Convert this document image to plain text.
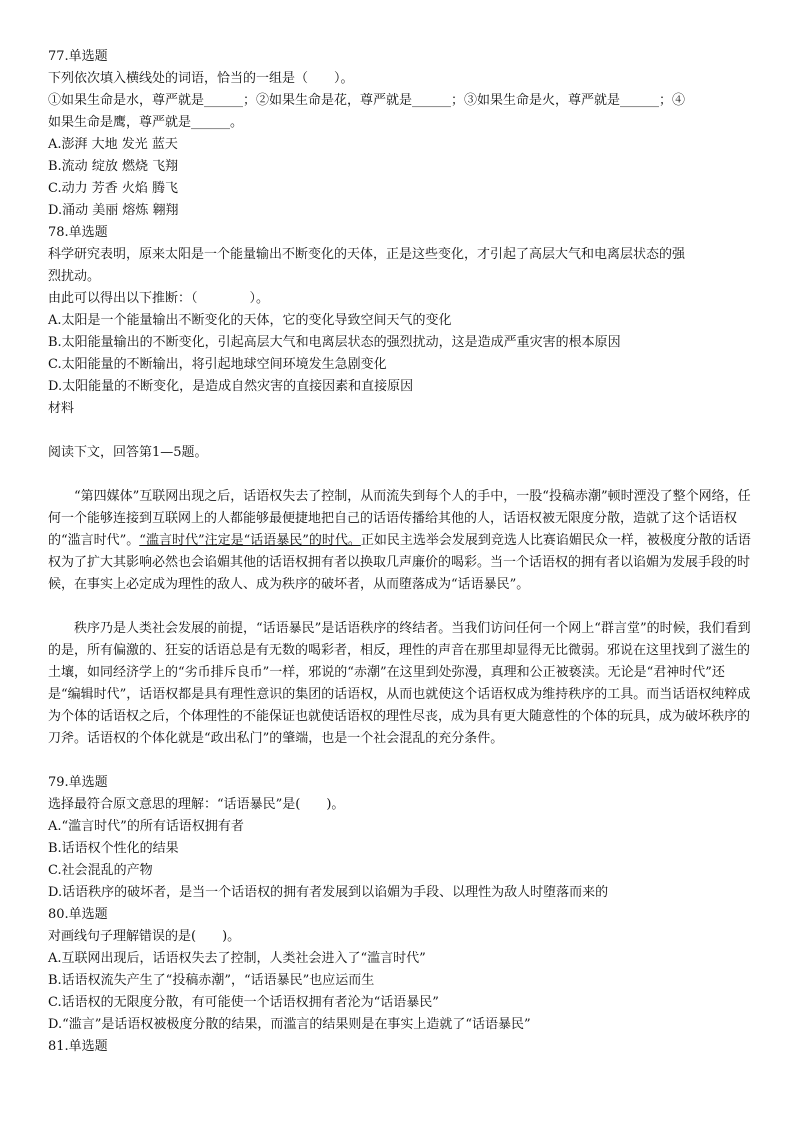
77.单选题
下列依次填入横线处的词语，恰当的一组是（　　）。
①如果生命是水，尊严就是______；②如果生命是花，尊严就是______；③如果生命是火，尊严就是______；④
如果生命是鹰，尊严就是______。
A.澎湃 大地 发光 蓝天
B.流动 绽放 燃烧 飞翔
C.动力 芳香 火焰 腾飞
D.涌动 美丽 熔炼 翱翔
78.单选题
科学研究表明，原来太阳是一个能量输出不断变化的天体，正是这些变化，才引起了高层大气和电离层状态的强
烈扰动。
由此可以得出以下推断：（　　　　）。
A.太阳是一个能量输出不断变化的天体，它的变化导致空间天气的变化
B.太阳能量输出的不断变化，引起高层大气和电离层状态的强烈扰动，这是造成严重灾害的根本原因
C.太阳能量的不断输出，将引起地球空间环境发生急剧变化
D.太阳能量的不断变化，是造成自然灾害的直接因素和直接原因
材料
阅读下文，回答第1—5题。

“第四媒体”互联网出现之后，话语权失去了控制，从而流失到每个人的手中，一股“投稿赤潮”顿时湮没了整个网络，任何一个能够连接到互联网上的人都能够最便捷地把自己的话语传播给其他的人，话语权被无限度分散，造就了这个话语权的“滥言时代”。“滥言时代”注定是“话语暴民”的时代。正如民主选举会发展到竞选人比赛谄媚民众一样，被极度分散的话语权为了扩大其影响必然也会谄媚其他的话语权拥有者以换取几声廉价的喝彩。当一个话语权的拥有者以谄媚为发展手段的时候，在事实上必定成为理性的敌人、成为秩序的破坏者，从而堕落成为“话语暴民”。

秩序乃是人类社会发展的前提，“话语暴民”是话语秩序的终结者。当我们访问任何一个网上“群言堂”的时候，我们看到的是，所有偏激的、狂妄的话语总是有无数的喝彩者，相反，理性的声音在那里却显得无比微弱。邪说在这里找到了滋生的土壤，如同经济学上的“劣币排斥良币”一样，邪说的“赤潮”在这里到处弥漫，真理和公正被亵渎。无论是“君神时代”还是“编辑时代”，话语权都是具有理性意识的集团的话语权，从而也就使这个话语权成为维持秩序的工具。而当话语权纯粹成为个体的话语权之后，个体理性的不能保证也就使话语权的理性尽丧，成为具有更大随意性的个体的玩具，成为破坏秩序的刀斧。话语权的个体化就是“政出私门”的肇端，也是一个社会混乱的充分条件。

79.单选题
选择最符合原文意思的理解：“话语暴民”是(　　)。
A.“滥言时代”的所有话语权拥有者
B.话语权个性化的结果
C.社会混乱的产物
D.话语秩序的破坏者，是当一个话语权的拥有者发展到以谄媚为手段、以理性为敌人时堕落而来的
80.单选题
对画线句子理解错误的是(　　)。
A.互联网出现后，话语权失去了控制，人类社会进入了“滥言时代”
B.话语权流失产生了“投稿赤潮”，“话语暴民”也应运而生
C.话语权的无限度分散，有可能使一个话语权拥有者沦为“话语暴民”
D.“滥言”是话语权被极度分散的结果，而滥言的结果则是在事实上造就了“话语暴民”
81.单选题
